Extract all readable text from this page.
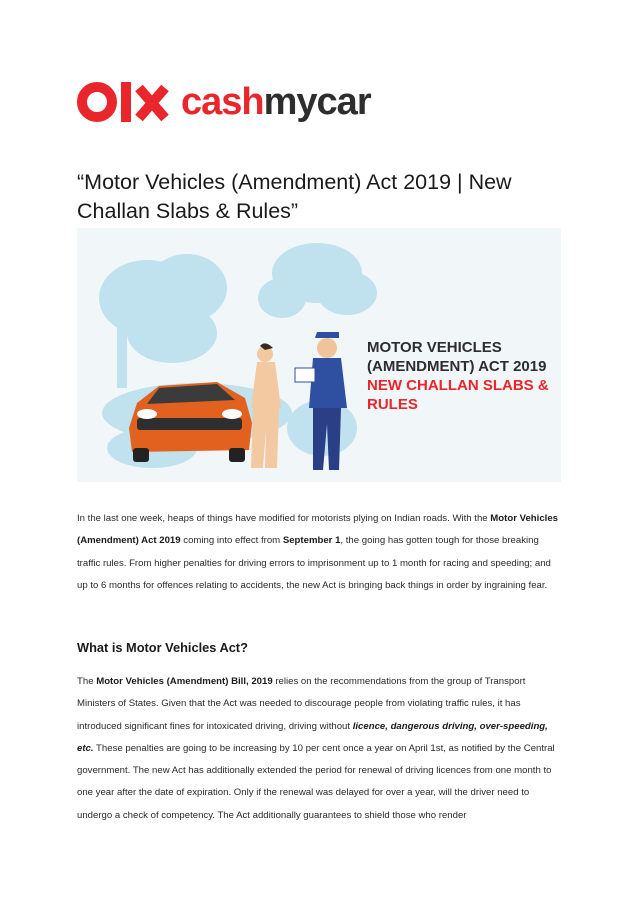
cashmycar
“Motor Vehicles (Amendment) Act 2019 | New Challan Slabs & Rules”
MOTOR VEHICLES
(AMENDMENT) ACT 2019
NEW CHALLAN SLABS &
RULES

In the last one week, heaps of things have modified for motorists plying on Indian roads. With the Motor Vehicles (Amendment) Act 2019 coming into effect from September 1, the going has gotten tough for those breaking traffic rules. From higher penalties for driving errors to imprisonment up to 1 month for racing and speeding; and up to 6 months for offences relating to accidents, the new Act is bringing back things in order by ingraining fear.

What is Motor Vehicles Act?

The Motor Vehicles (Amendment) Bill, 2019 relies on the recommendations from the group of Transport Ministers of States. Given that the Act was needed to discourage people from violating traffic rules, it has introduced significant fines for intoxicated driving, driving without licence, dangerous driving, over-speeding, etc. These penalties are going to be increasing by 10 per cent once a year on April 1st, as notified by the Central government. The new Act has additionally extended the period for renewal of driving licences from one month to one year after the date of expiration. Only if the renewal was delayed for over a year, will the driver need to undergo a check of competency. The Act additionally guarantees to shield those who render
